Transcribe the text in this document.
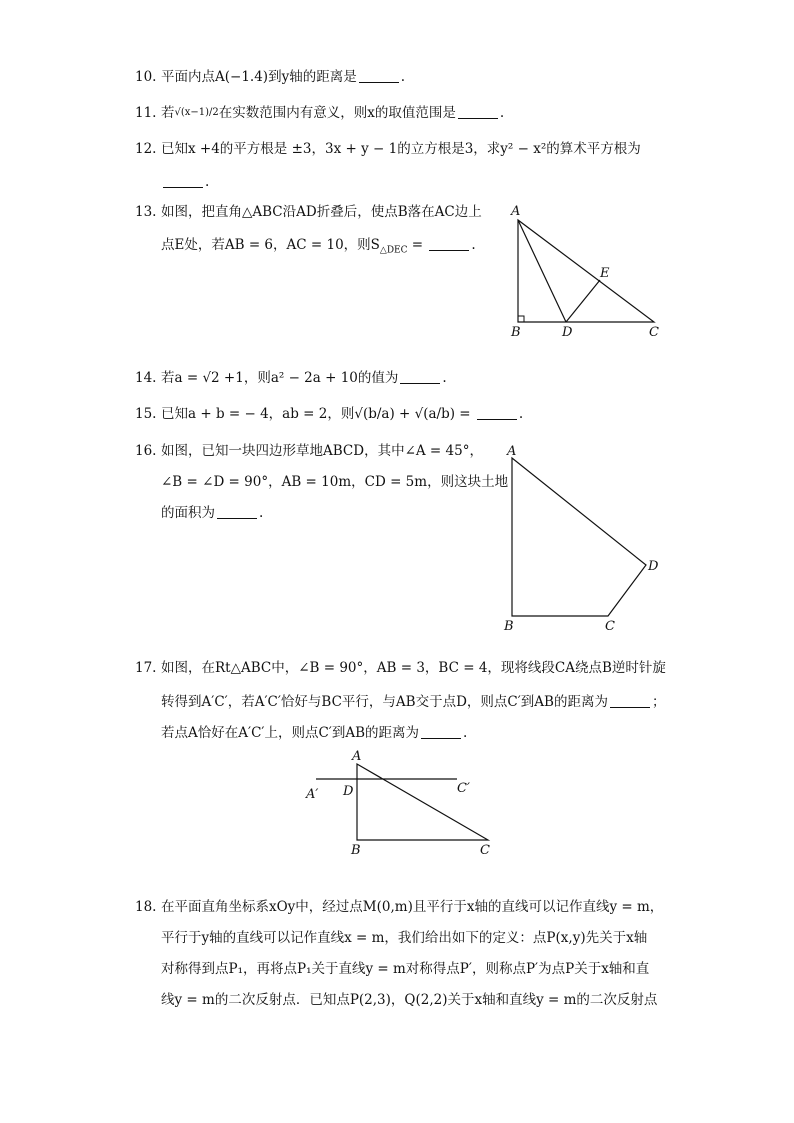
10. 平面内点A(−1.4)到y轴的距离是	.
11. 若√(x−1)/2在实数范围内有意义，则x的取值范围是	.
12. 已知x +4的平方根是 ±3，3x + y − 1的立方根是3，求y² − x²的算术平方根为
.
13. 如图，把直角△ABC沿AD折叠后，使点B落在AC边上
点E处，若AB = 6，AC = 10，则$S_{\triangle DEC}$ =	.
A
E
B	D	C
14. 若a = √2 +1，则a² − 2a + 10的值为	.
15. 已知a + b = − 4，ab = 2，则√(b/a) + √(a/b) =	.
16. 如图，已知一块四边形草地ABCD，其中∠A = 45°，
∠B = ∠D = 90°，AB = 10m，CD = 5m，则这块土地
的面积为	.
A
D
B	C
17. 如图，在Rt△ABC中，∠B = 90°，AB = 3，BC = 4，现将线段CA绕点B逆时针旋
转得到A′C′，若A′C′恰好与BC平行，与AB交于点D，则点C′到AB的距离为	；
若点A恰好在A′C′上，则点C′到AB的距离为	.
A
A′ D	C′
B	C
18. 在平面直角坐标系xOy中，经过点M(0,m)且平行于x轴的直线可以记作直线y = m，
平行于y轴的直线可以记作直线x = m，我们给出如下的定义：点P(x,y)先关于x轴
对称得到点P₁，再将点P₁关于直线y = m对称得点P′，则称点P′为点P关于x轴和直
线y = m的二次反射点．已知点P(2,3)，Q(2,2)关于x轴和直线y = m的二次反射点
